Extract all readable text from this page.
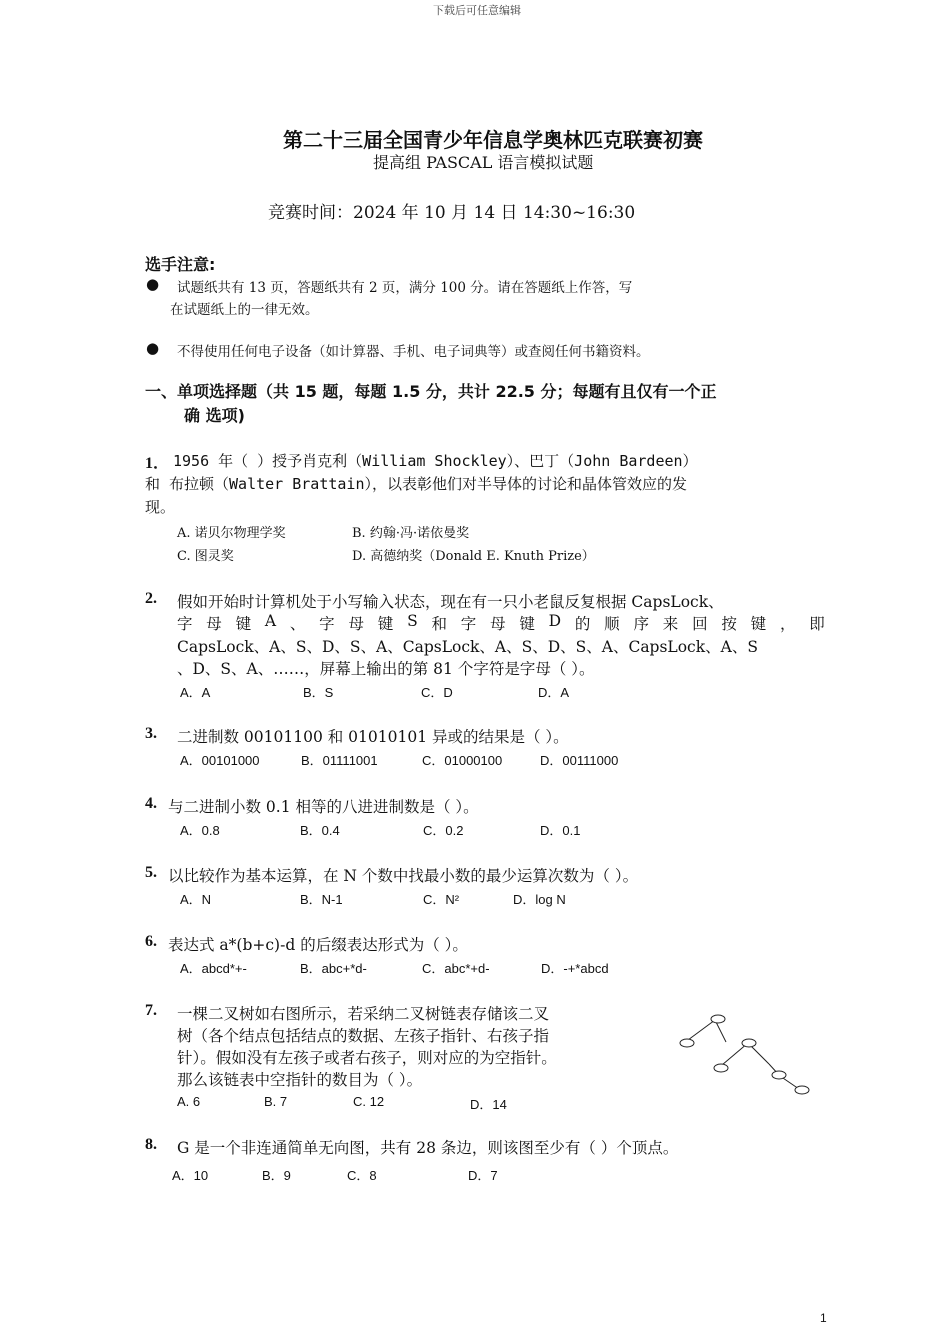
下载后可任意编辑
第二十三届全国青少年信息学奥林匹克联赛初赛
提高组 PASCAL 语言模拟试题
竞赛时间：2024 年 10 月 14 日 14:30~16:30
选手注意:
● 试题纸共有 13 页，答题纸共有 2 页，满分 100 分。请在答题纸上作答，写
在试题纸上的一律无效。
● 不得使用任何电子设备（如计算器、手机、电子词典等）或查阅任何书籍资料。
一、单项选择题（共 15 题，每题 1.5 分，共计 22.5 分；每题有且仅有一个正
确 选项)
1． 1956 年（ ）授予肖克利（William Shockley）、巴丁（John Bardeen）
和 布拉顿（Walter Brattain），以表彰他们对半导体的讨论和晶体管效应的发
现。
A. 诺贝尔物理学奖	B. 约翰·冯·诺依曼奖
C. 图灵奖	D. 高德纳奖（Donald E. Knuth Prize）
2. 假如开始时计算机处于小写输入状态，现在有一只小老鼠反复根据 CapsLock、
字 母 键 A 、 字 母 键 S 和 字 母 键 D 的 顺 序 来 回 按 键 ， 即
CapsLock、A、S、D、S、A、CapsLock、A、S、D、S、A、CapsLock、A、S
、D、S、A、……，屏幕上输出的第 81 个字符是字母（ ）。
A．A	B．S	C．D	D．A
3. 二进制数 00101100 和 01010101 异或的结果是（ ）。
A．00101000	B．01111001	C．01000100	D．00111000
4. 与二进制小数 0.1 相等的八进进制数是（ ）。
A．0.8	B．0.4	C．0.2	D．0.1
5. 以比较作为基本运算，在 N 个数中找最小数的最少运算次数为（ ）。
A．N	B．N-1	C．N²	D．log N
6. 表达式 a*(b+c)-d 的后缀表达形式为（ ）。
A．abcd*+-	B．abc+*d-	C．abc*+d-	D．-+*abcd
7. 一棵二叉树如右图所示，若采纳二叉树链表存储该二叉
树（各个结点包括结点的数据、左孩子指针、右孩子指
针）。假如没有左孩子或者右孩子，则对应的为空指针。
那么该链表中空指针的数目为（ ）。
A. 6	B. 7	C. 12	D．14
8. G 是一个非连通简单无向图，共有 28 条边，则该图至少有（ ）个顶点。
A．10	B．9	C．8	D．7
1
